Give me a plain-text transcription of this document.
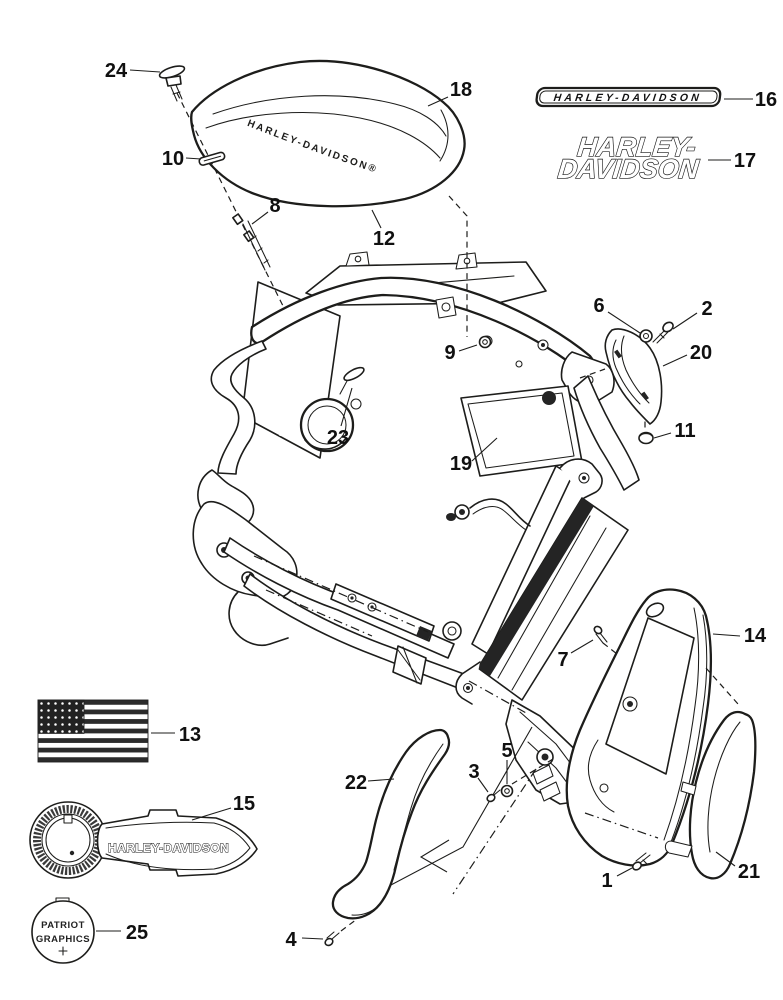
HARLEY-DAVIDSON®
HARLEY-DAVIDSON
HARLEY-
DAVIDSON
HARLEY-DAVIDSON
PATRIOT
GRAPHICS
24
10
8
18
12
16
17
9
23
19
6	2
20
11
14
7
21
1
13
15
25
22	3
5
4
